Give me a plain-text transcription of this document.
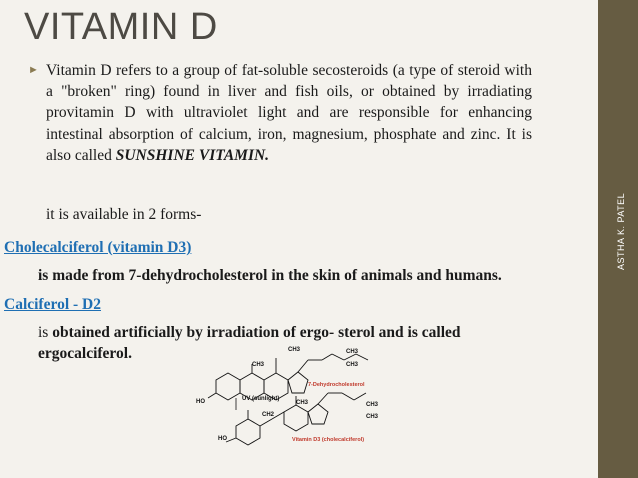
VITAMIN D
► Vitamin D refers to a group of fat-soluble secosteroids (a type of steroid with a "broken" ring) found in liver and fish oils, or obtained by irradiating provitamin D with ultraviolet light and are responsible for enhancing intestinal absorption of calcium, iron, magnesium, phosphate and zinc. It is also called SUNSHINE VITAMIN.
it is available in 2 forms-
Cholecalciferol (vitamin D3)
is made from 7-dehydrocholesterol in the skin of animals and humans.
Calciferol - D2
is obtained artificially by irradiation of ergo- sterol and is called ergocalciferol.	CH3	CH3
CH3
CH3
HO
7-Dehydrocholesterol
UV (sunlight)
CH3	CH3
CH3
CH2
HO	Vitamin D3 (cholecalciferol)
ASTHA K. PATEL
